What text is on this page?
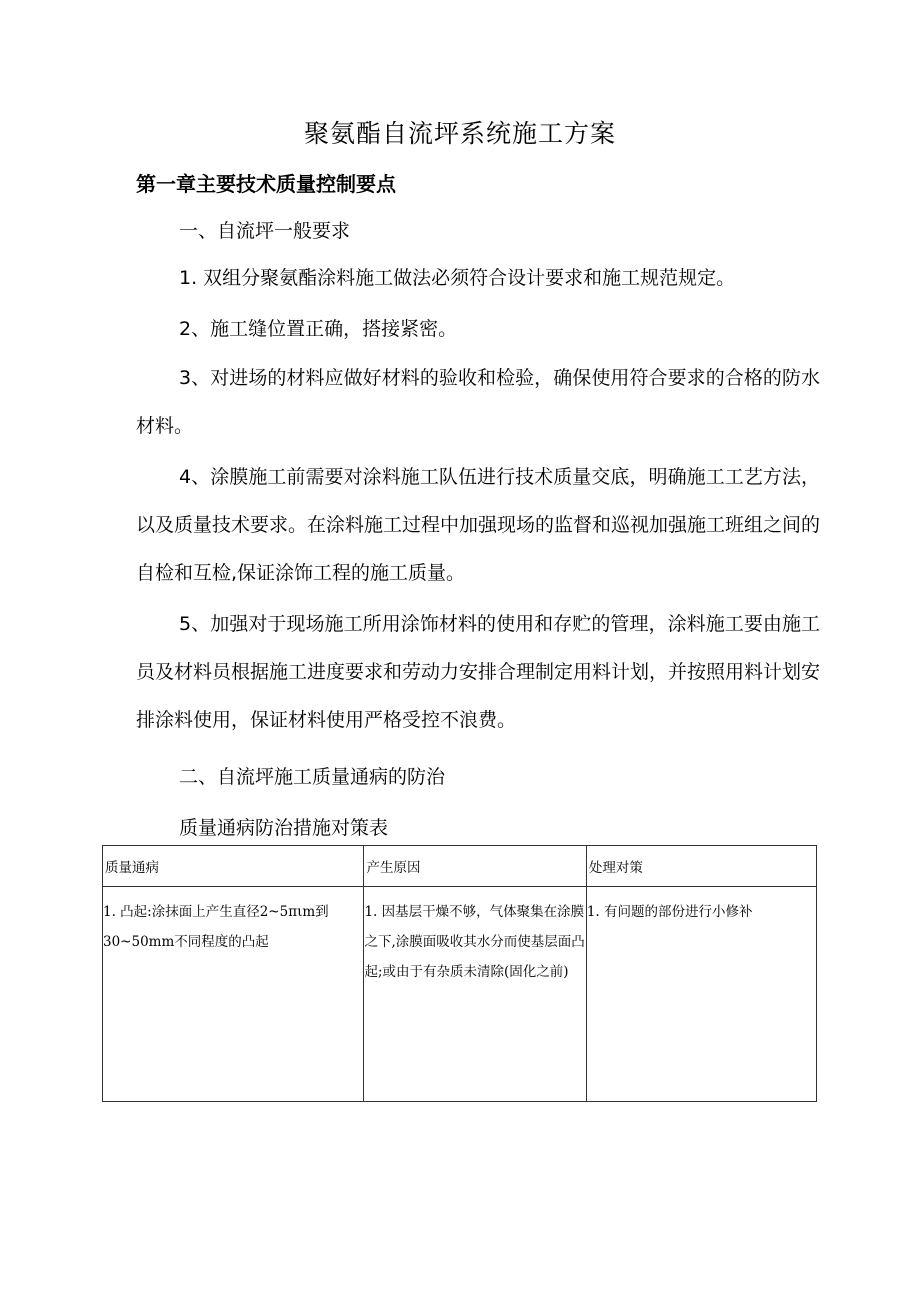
聚氨酯自流坪系统施工方案
第一章主要技术质量控制要点
一、自流坪一般要求

1. 双组分聚氨酯涂料施工做法必须符合设计要求和施工规范规定。

2、施工缝位置正确，搭接紧密。

3、对进场的材料应做好材料的验收和检验，确保使用符合要求的合格的防水材料。

4、涂膜施工前需要对涂料施工队伍进行技术质量交底，明确施工工艺方法，以及质量技术要求。在涂料施工过程中加强现场的监督和巡视加强施工班组之间的自检和互检,保证涂饰工程的施工质量。

5、加强对于现场施工所用涂饰材料的使用和存贮的管理，涂料施工要由施工员及材料员根据施工进度要求和劳动力安排合理制定用料计划，并按照用料计划安排涂料使用，保证材料使用严格受控不浪费。

二、自流坪施工质量通病的防治
质量通病防治措施对策表
质量通病	产生原因	处理对策
1. 凸起:涂抹面上产生直径2~5πιm到30~50mm不同程度的凸起	1. 因基层干燥不够，气体聚集在涂膜之下,涂膜面吸收其水分而使基层面凸起;或由于有杂质未清除(固化之前)	1. 有问题的部份进行小修补
